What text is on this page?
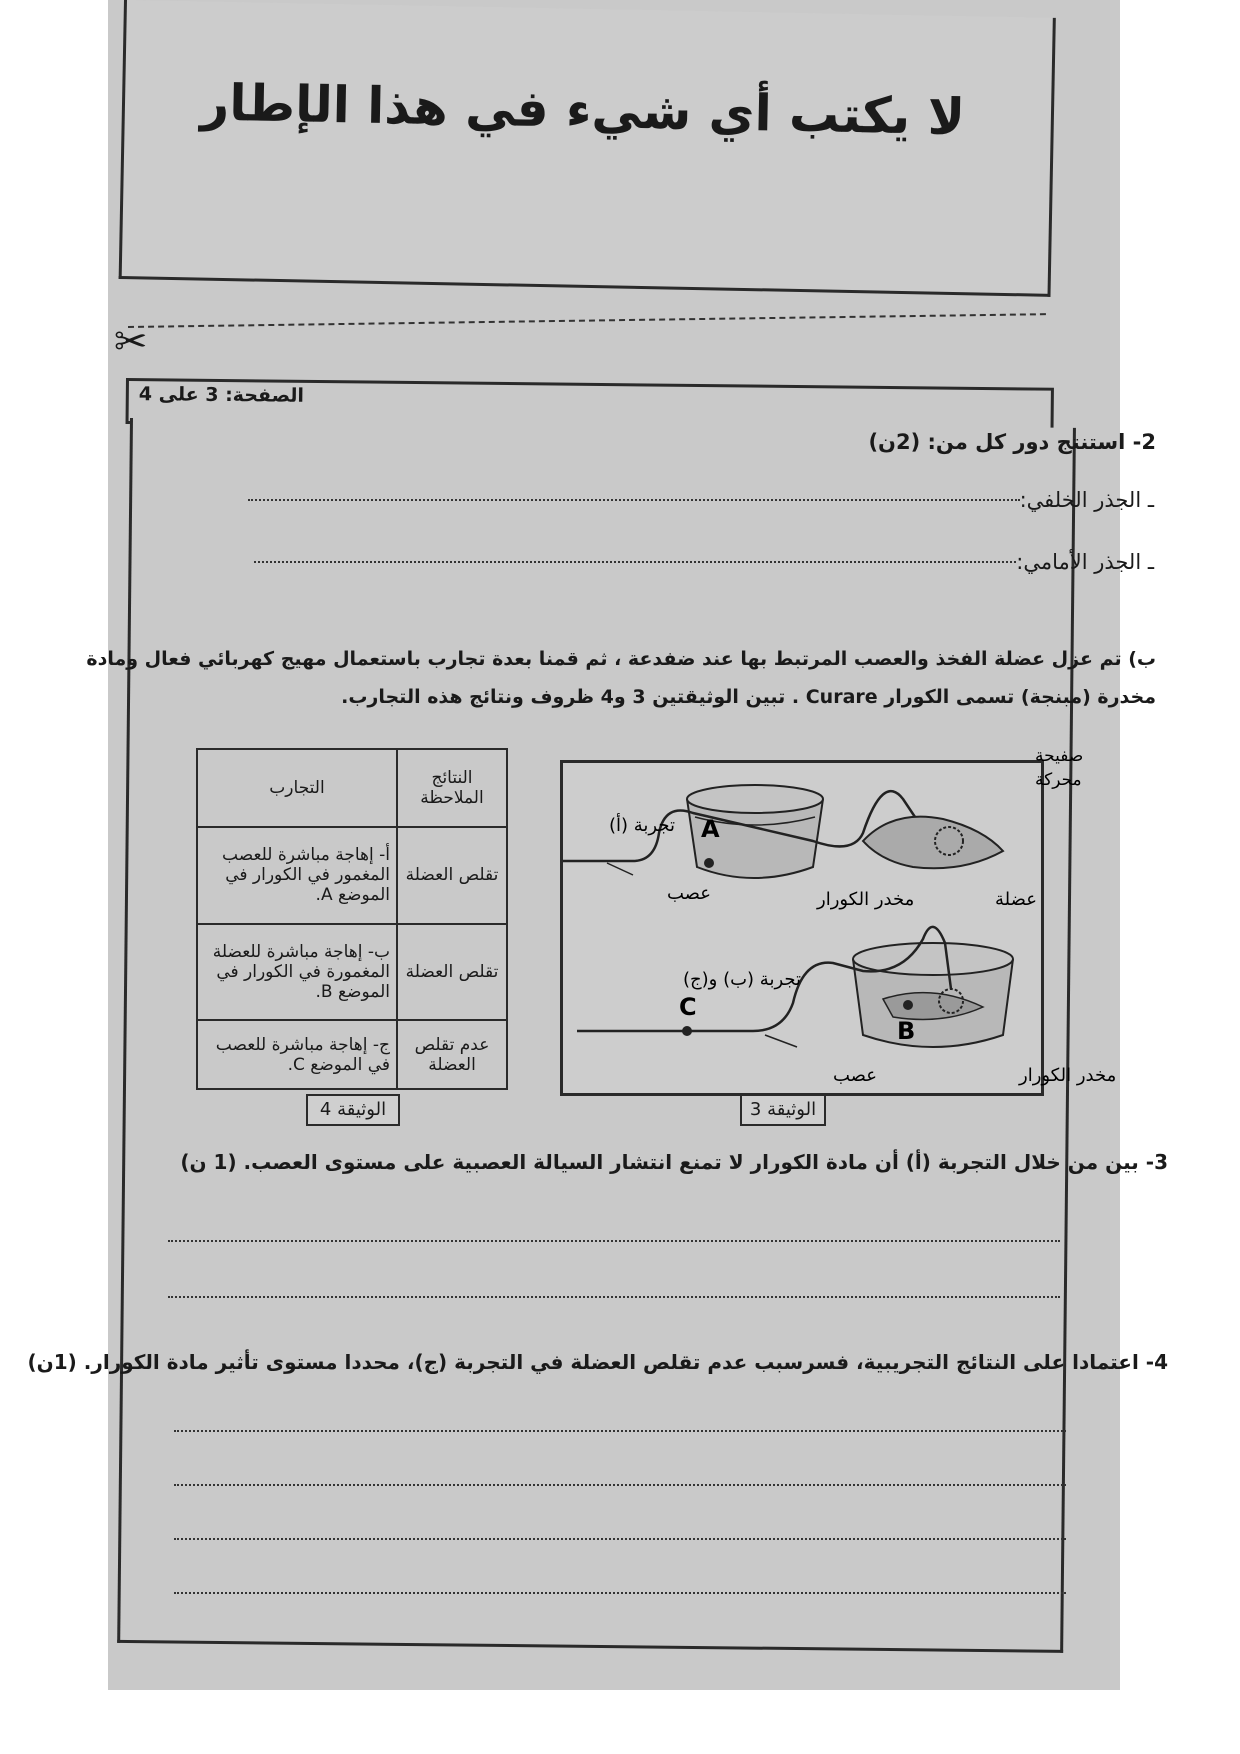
لا يكتب أي شيء في هذا الإطار
✂
الصفحة: 3 على 4
2- استنتج دور كل من: (2ن)
ـ الجذر الخلفي:
ـ الجذر الأمامي:
ب) تم عزل عضلة الفخذ والعصب المرتبط بها عند ضفدعة ، ثم قمنا بعدة تجارب باستعمال مهيج كهربائي فعال ومادة
مخدرة (مبنجة) تسمى الكورار Curare . تبين الوثيقتين 3 و4 ظروف ونتائج هذه التجارب.
A
C
B
تجربة (أ)
صفيحة
محركة
عضلة
مخدر الكورار
عصب
تجربة (ب) و(ج)
عصب	مخدر الكورار
الوثيقة 3
التجارب	النتائج الملاحظة
أ- إهاجة مباشرة للعصب المغمور في الكورار في الموضع A.	تقلص العضلة
ب- إهاجة مباشرة للعضلة المغمورة في الكورار في الموضع B.	تقلص العضلة
ج- إهاجة مباشرة للعصب في الموضع C.	عدم تقلص العضلة
الوثيقة 4
3- بين من خلال التجربة (أ) أن مادة الكورار لا تمنع انتشار السيالة العصبية على مستوى العصب. (1 ن)
4- اعتمادا على النتائج التجريبية، فسرسبب عدم تقلص العضلة في التجربة (ج)، محددا مستوى تأثير مادة الكورار. (1ن)
